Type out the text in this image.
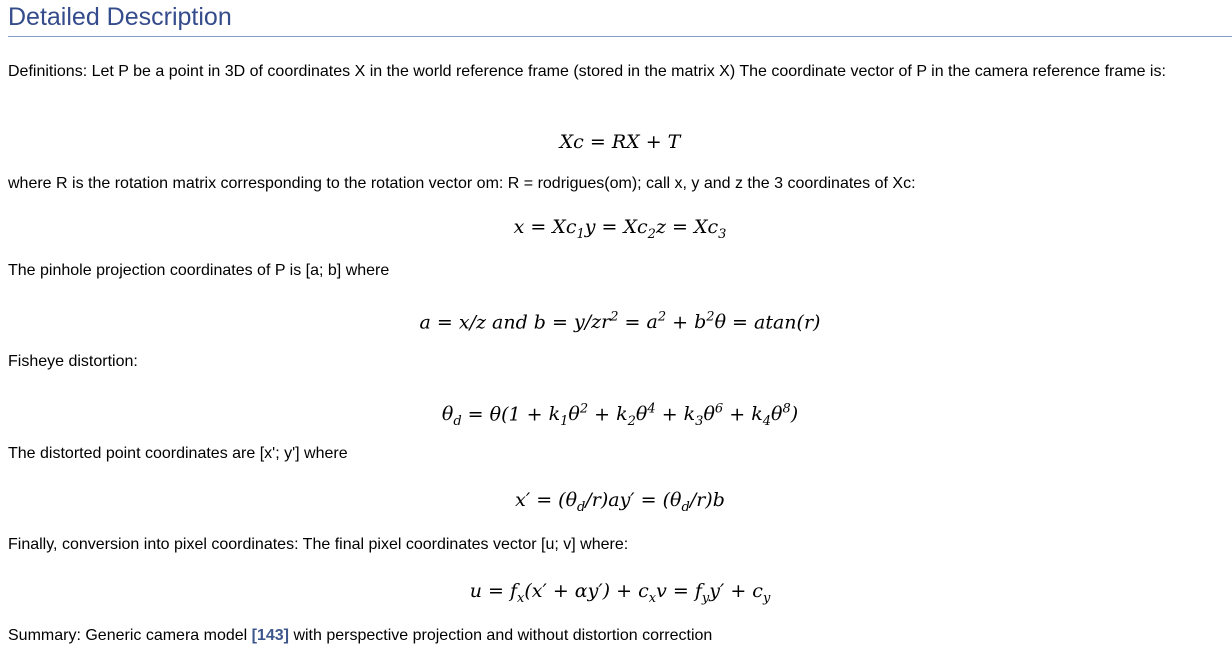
Detailed Description

Definitions: Let P be a point in 3D of coordinates X in the world reference frame (stored in the matrix X) The coordinate vector of P in the camera reference frame is:

Xc = RX + T

where R is the rotation matrix corresponding to the rotation vector om: R = rodrigues(om); call x, y and z the 3 coordinates of Xc:

$x = Xc_1y = Xc_2z = Xc_3$

The pinhole projection coordinates of P is [a; b] where

a = x/z and $b = y/zr^2 = a^2 + b^2\theta = atan(r)$

Fisheye distortion:

$\theta_d = \theta(1 + k_1\theta^2 + k_2\theta^4 + k_3\theta^6 + k_4\theta^8)$

The distorted point coordinates are [x'; y'] where

$x' = (\theta_d/r)ay' = (\theta_d/r)b$

Finally, conversion into pixel coordinates: The final pixel coordinates vector [u; v] where:

$u = f_x(x' + \alpha y') + c_xv = f_yy' + c_y$

Summary: Generic camera model [143] with perspective projection and without distortion correction
